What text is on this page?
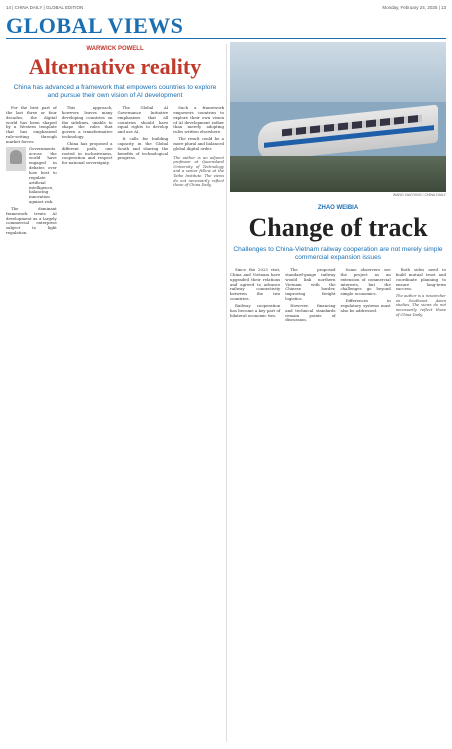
14 | CHINA DAILY | GLOBAL EDITION	Monday, February 24, 2025 | 13
GLOBAL VIEWS
WARWICK POWELL
Alternative reality
China has advanced a framework that empowers countries to explore and pursue their own vision of AI development

For the best part of the last three or four decades, the digital world has been shaped by a Western template that has emphasized rule-setting through market forces.

Governments across the world have engaged in debates over how best to regulate artificial intelligence, balancing innovation against risk.

The dominant framework treats AI development as a largely commercial enterprise subject to light regulation.

This approach, however, leaves many developing countries on the sidelines, unable to shape the rules that govern a transformative technology.

China has proposed a different path, one rooted in inclusiveness, cooperation and respect for national sovereignty.

The Global AI Governance Initiative emphasizes that all countries should have equal rights to develop and use AI.

It calls for building capacity in the Global South and sharing the benefits of technological progress.

Such a framework empowers countries to explore their own vision of AI development rather than merely adopting rules written elsewhere.

The result could be a more plural and balanced global digital order.

The author is an adjunct professor at Queensland University of Technology and a senior fellow at the Taihe Institute. The views do not necessarily reflect those of China Daily.
WANG XIAOYING / CHINA DAILY
ZHAO WEIBIA
Change of track
Challenges to China-Vietnam railway cooperation are not merely simple commercial expansion issues

Since the 2023 visit, China and Vietnam have upgraded their relations and agreed to advance railway connectivity between the two countries.

Railway cooperation has become a key part of bilateral economic ties.

The proposed standard-gauge railway would link northern Vietnam with the Chinese border, improving freight logistics.

However, financing and technical standards remain points of discussion.

Some observers see the project as an extension of commercial interests, but the challenges go beyond simple economics.

Differences in regulatory systems must also be addressed.

Both sides need to build mutual trust and coordinate planning to ensure long-term success.

The author is a researcher on Southeast Asian studies. The views do not necessarily reflect those of China Daily.
